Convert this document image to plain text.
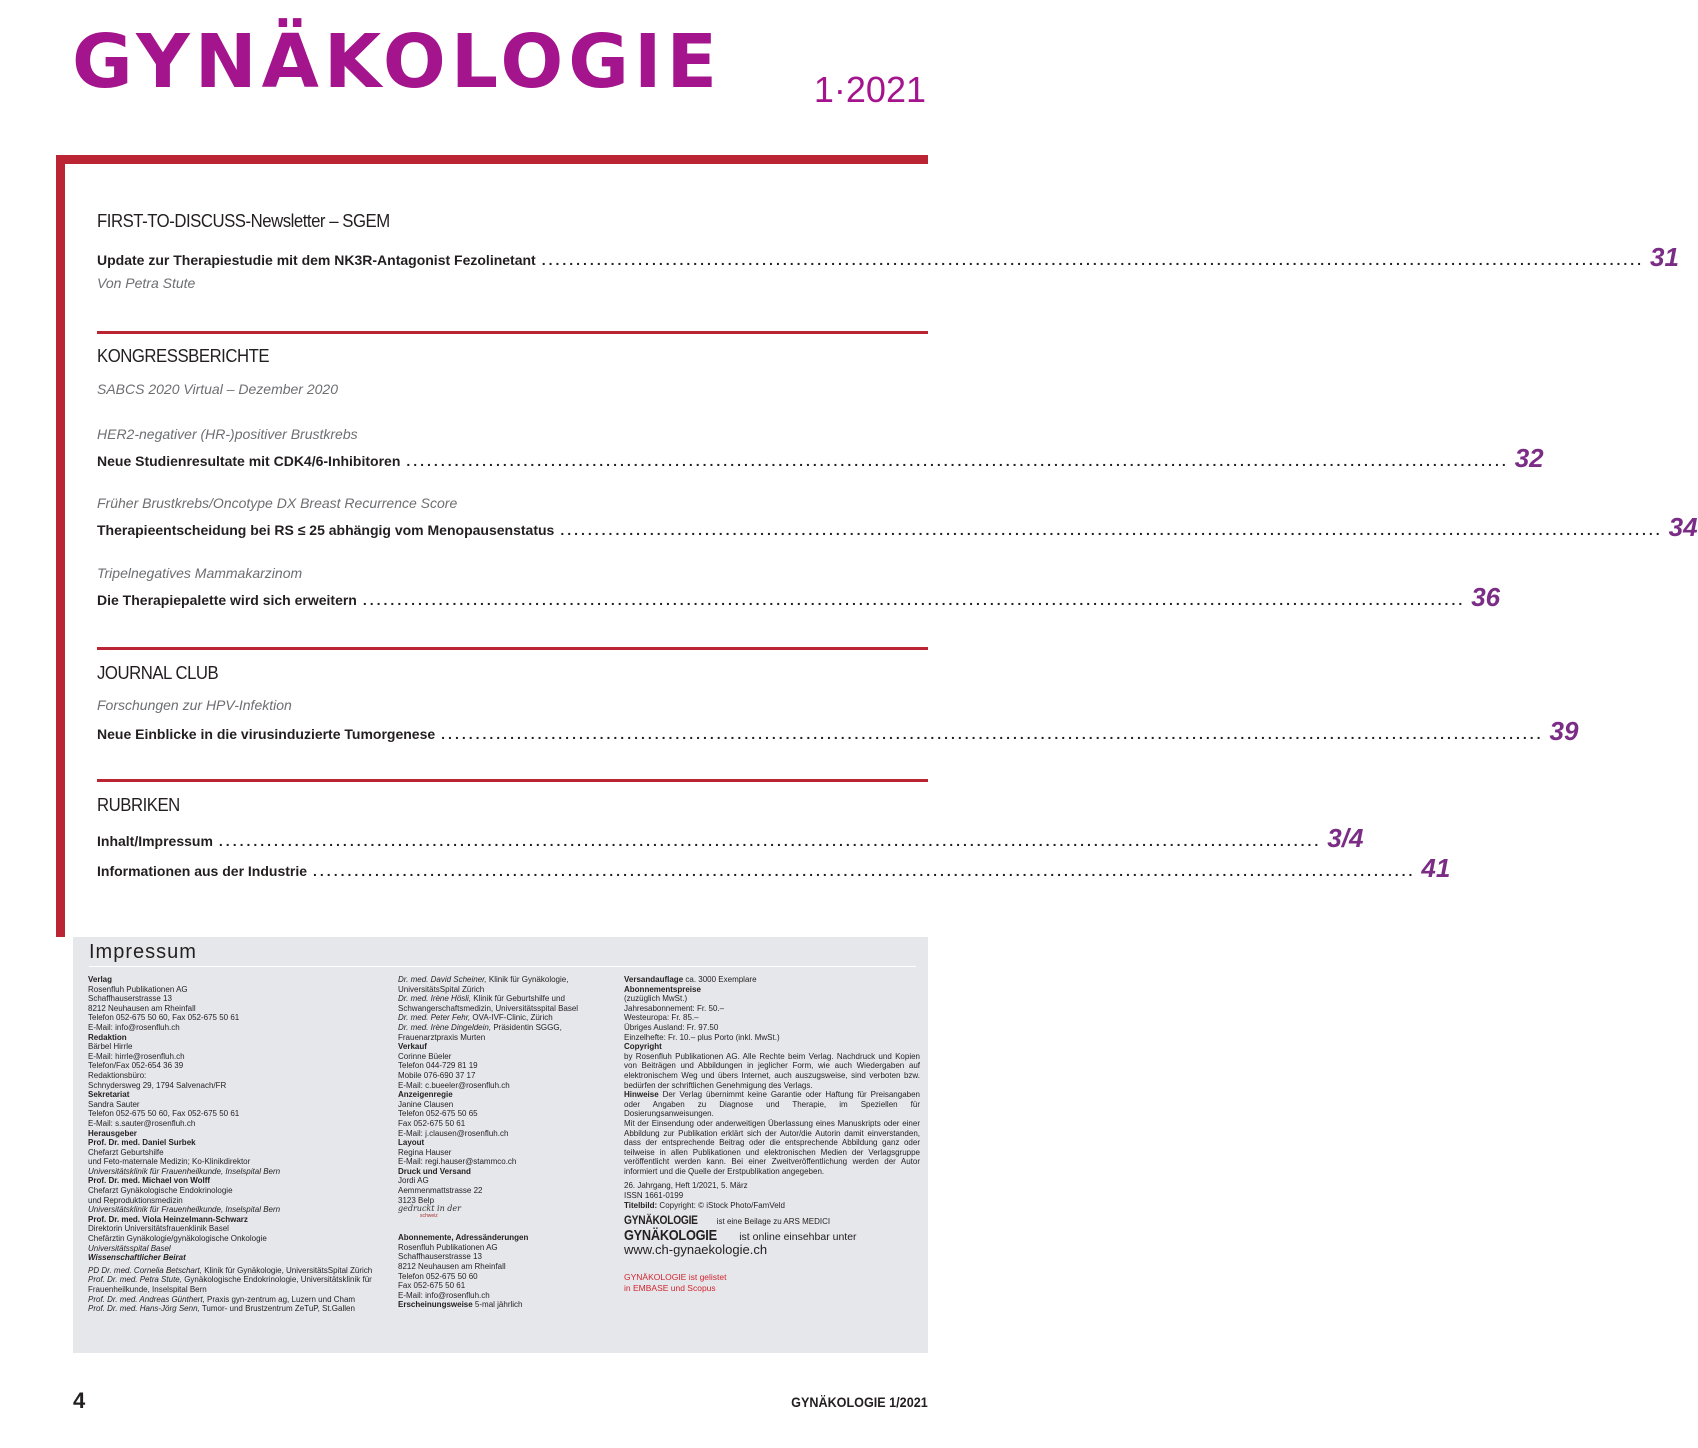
GYNÄKOLOGIE	1·2021
FIRST-TO-DISCUSS-Newsletter – SGEM
Update zur Therapiestudie mit dem NK3R-Antagonist Fezolinetant ................................................................................................................................................................ 31
Von Petra Stute
KONGRESSBERICHTE
SABCS 2020 Virtual – Dezember 2020
HER2-negativer (HR-)positiver Brustkrebs
Neue Studienresultate mit CDK4/6-Inhibitoren ................................................................................................................................................................ 32
Früher Brustkrebs/Oncotype DX Breast Recurrence Score
Therapieentscheidung bei RS ≤ 25 abhängig vom Menopausenstatus ................................................................................................................................................................ 34
Tripelnegatives Mammakarzinom
Die Therapiepalette wird sich erweitern ................................................................................................................................................................ 36
JOURNAL CLUB
Forschungen zur HPV-Infektion
Neue Einblicke in die virusinduzierte Tumorgenese ................................................................................................................................................................ 39
RUBRIKEN
Inhalt/Impressum ................................................................................................................................................................ 3/4
Informationen aus der Industrie ................................................................................................................................................................ 41
Impressum
Verlag
Rosenfluh Publikationen AG
Schaffhauserstrasse 13
8212 Neuhausen am Rheinfall
Telefon 052-675 50 60, Fax 052-675 50 61
E-Mail: info@rosenfluh.ch
Redaktion
Bärbel Hirrle
E-Mail: hirrle@rosenfluh.ch
Telefon/Fax 052-654 36 39
Redaktionsbüro:
Schnydersweg 29, 1794 Salvenach/FR
Sekretariat
Sandra Sauter
Telefon 052-675 50 60, Fax 052-675 50 61
E-Mail: s.sauter@rosenfluh.ch
Herausgeber
Prof. Dr. med. Daniel Surbek
Chefarzt Geburtshilfe
und Feto-maternale Medizin; Ko-Klinikdirektor
Universitätsklinik für Frauenheilkunde, Inselspital Bern
Prof. Dr. med. Michael von Wolff
Chefarzt Gynäkologische Endokrinologie
und Reproduktionsmedizin
Universitätsklinik für Frauenheilkunde, Inselspital Bern
Prof. Dr. med. Viola Heinzelmann-Schwarz
Direktorin Universitätsfrauenklinik Basel
Chefärztin Gynäkologie/gynäkologische Onkologie
Universitätsspital Basel
Wissenschaftlicher Beirat
PD Dr. med. Cornelia Betschart, Klinik für Gynäkologie, UniversitätsSpital Zürich
Prof. Dr. med. Petra Stute, Gynäkologische Endokrinologie, Universitätsklinik für Frauenheilkunde, Inselspital Bern
Prof. Dr. med. Andreas Günthert, Praxis gyn-zentrum ag, Luzern und Cham
Prof. Dr. med. Hans-Jörg Senn, Tumor- und Brustzentrum ZeTuP, St.Gallen
Dr. med. David Scheiner, Klinik für Gynäkologie, UniversitätsSpital Zürich
Dr. med. Irène Hösli, Klinik für Geburtshilfe und Schwangerschaftsmedizin, Universitätsspital Basel
Dr. med. Peter Fehr, OVA-IVF-Clinic, Zürich
Dr. med. Irène Dingeldein, Präsidentin SGGG, Frauenarztpraxis Murten
Verkauf
Corinne Büeler
Telefon 044-729 81 19
Mobile 076-690 37 17
E-Mail: c.bueeler@rosenfluh.ch
Anzeigenregie
Janine Clausen
Telefon 052-675 50 65
Fax 052-675 50 61
E-Mail: j.clausen@rosenfluh.ch
Layout
Regina Hauser
E-Mail: regi.hauser@stammco.ch
Druck und Versand
Jordi AG
Aemmenmattstrasse 22
3123 Belp
gedruckt in der
schweiz
Abonnemente, Adressänderungen
Rosenfluh Publikationen AG
Schaffhauserstrasse 13
8212 Neuhausen am Rheinfall
Telefon 052-675 50 60
Fax 052-675 50 61
E-Mail: info@rosenfluh.ch
Erscheinungsweise 5-mal jährlich
Versandauflage ca. 3000 Exemplare
Abonnementspreise
(zuzüglich MwSt.)
Jahresabonnement: Fr. 50.–
Westeuropa: Fr. 85.–
Übriges Ausland: Fr. 97.50
Einzelhefte: Fr. 10.– plus Porto (inkl. MwSt.)
Copyright
by Rosenfluh Publikationen AG. Alle Rechte beim Verlag. Nachdruck und Kopien von Beiträgen und Abbildungen in jeglicher Form, wie auch Wiedergaben auf elektronischem Weg und übers Internet, auch auszugsweise, sind verboten bzw. bedürfen der schriftlichen Genehmigung des Verlags.
Hinweise Der Verlag übernimmt keine Garantie oder Haftung für Preisangaben oder Angaben zu Diagnose und Therapie, im Speziellen für Dosierungsanweisungen.
Mit der Einsendung oder anderweitigen Überlassung eines Manuskripts oder einer Abbildung zur Publikation erklärt sich der Autor/die Autorin damit einverstanden, dass der entsprechende Beitrag oder die entsprechende Abbildung ganz oder teilweise in allen Publikationen und elektronischen Medien der Verlagsgruppe veröffentlicht werden kann. Bei einer Zweitveröffentlichung werden der Autor informiert und die Quelle der Erstpublikation angegeben.
26. Jahrgang, Heft 1/2021, 5. März
ISSN 1661-0199
Titelbild: Copyright: © iStock Photo/FamVeld
GYNÄKOLOGIE ist eine Beilage zu ARS MEDICI
GYNÄKOLOGIE ist online einsehbar unter
www.ch-gynaekologie.ch
GYNÄKOLOGIE ist gelistet
in EMBASE und Scopus
4	GYNÄKOLOGIE 1/2021
